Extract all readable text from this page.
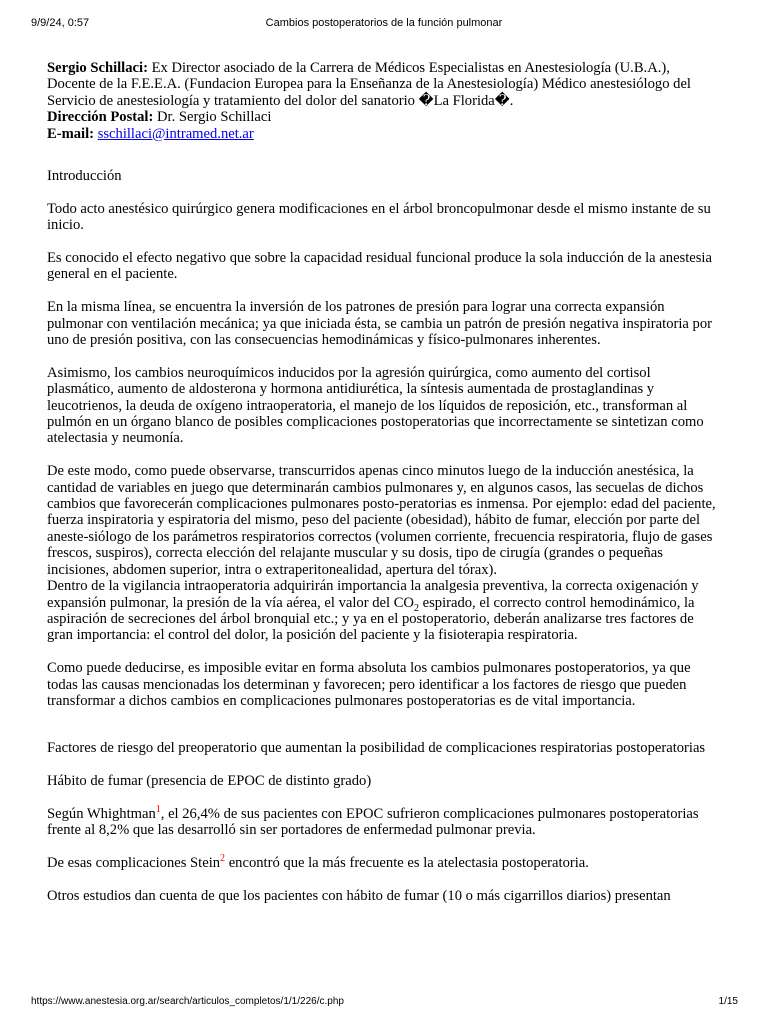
9/9/24, 0:57	Cambios postoperatorios de la función pulmonar

Sergio Schillaci: Ex Director asociado de la Carrera de Médicos Especialistas en Anestesiología (U.B.A.), Docente de la F.E.E.A. (Fundacion Europea para la Enseñanza de la Anestesiología) Médico anestesiólogo del Servicio de anestesiología y tratamiento del dolor del sanatorio �La Florida�.

Dirección Postal: Dr. Sergio Schillaci

E-mail: sschillaci@intramed.net.ar

Introducción

Todo acto anestésico quirúrgico genera modificaciones en el árbol broncopulmonar desde el mismo instante de su inicio.

Es conocido el efecto negativo que sobre la capacidad residual funcional produce la sola inducción de la anestesia general en el paciente.

En la misma línea, se encuentra la inversión de los patrones de presión para lograr una correcta expansión pulmonar con ventilación mecánica; ya que iniciada ésta, se cambia un patrón de presión negativa inspiratoria por uno de presión positiva, con las consecuencias hemodinámicas y físico-pulmonares inherentes.

Asimismo, los cambios neuroquímicos inducidos por la agresión quirúrgica, como aumento del cortisol plasmático, aumento de aldosterona y hormona antidiurética, la síntesis aumentada de prostaglandinas y leucotrienos, la deuda de oxígeno intraoperatoria, el manejo de los líquidos de reposición, etc., transforman al pulmón en un órgano blanco de posibles complicaciones postoperatorias que incorrectamente se sintetizan como atelectasia y neumonía.

De este modo, como puede observarse, transcurridos apenas cinco minutos luego de la inducción anestésica, la cantidad de variables en juego que determinarán cambios pulmonares y, en algunos casos, las secuelas de dichos cambios que favorecerán complicaciones pulmonares posto-peratorias es inmensa. Por ejemplo: edad del paciente, fuerza inspiratoria y espiratoria del mismo, peso del paciente (obesidad), hábito de fumar, elección por parte del aneste-siólogo de los parámetros respiratorios correctos (volumen corriente, frecuencia respiratoria, flujo de gases frescos, suspiros), correcta elección del relajante muscular y su dosis, tipo de cirugía (grandes o pequeñas incisiones, abdomen superior, intra o extraperitonealidad, apertura del tórax).

Dentro de la vigilancia intraoperatoria adquirirán importancia la analgesia preventiva, la correcta oxigenación y expansión pulmonar, la presión de la vía aérea, el valor del $CO_2$ espirado, el correcto control hemodinámico, la aspiración de secreciones del árbol bronquial etc.; y ya en el postoperatorio, deberán analizarse tres factores de gran importancia: el control del dolor, la posición del paciente y la fisioterapia respiratoria.

Como puede deducirse, es imposible evitar en forma absoluta los cambios pulmonares postoperatorios, ya que todas las causas mencionadas los determinan y favorecen; pero identificar a los factores de riesgo que pueden transformar a dichos cambios en complicaciones pulmonares postoperatorias es de vital importancia.

Factores de riesgo del preoperatorio que aumentan la posibilidad de complicaciones respiratorias postoperatorias

Hábito de fumar (presencia de EPOC de distinto grado)

Según Whightman$^1$, el 26,4% de sus pacientes con EPOC sufrieron complicaciones pulmonares postoperatorias frente al 8,2% que las desarrolló sin ser portadores de enfermedad pulmonar previa.

De esas complicaciones Stein$^2$ encontró que la más frecuente es la atelectasia postoperatoria.

Otros estudios dan cuenta de que los pacientes con hábito de fumar (10 o más cigarrillos diarios) presentan

https://www.anestesia.org.ar/search/articulos_completos/1/1/226/c.php	1/15
